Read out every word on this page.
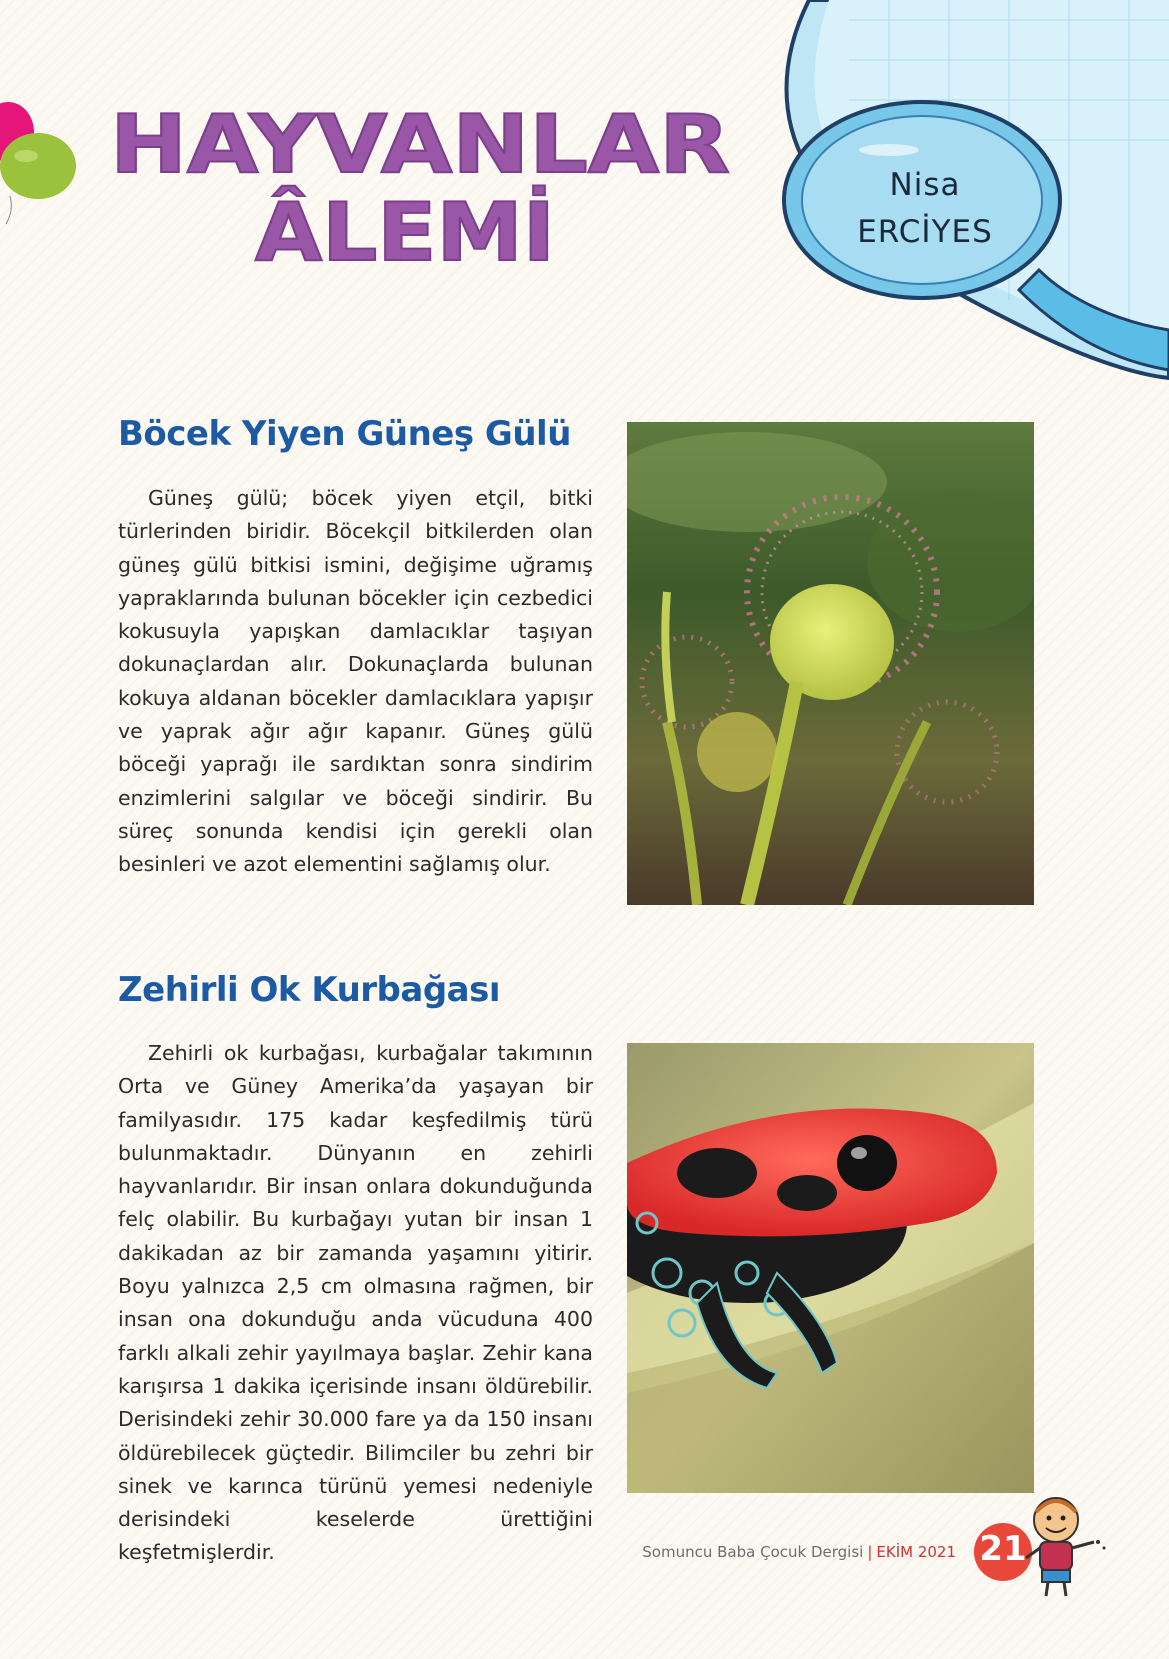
HAYVANLAR
ÂLEMİ
Nisa
ERCİYES
Böcek Yiyen Güneş Gülü

Güneş gülü; böcek yiyen etçil, bitki türlerinden biridir. Böcekçil bitkilerden olan güneş gülü bitkisi ismini, değişime uğramış yapraklarında bulunan böcekler için cezbedici kokusuyla yapışkan damlacıklar taşıyan dokunaçlardan alır. Dokunaçlarda bulunan kokuya aldanan böcekler damlacıklara yapışır ve yaprak ağır ağır kapanır. Güneş gülü böceği yaprağı ile sardıktan sonra sindirim enzimlerini salgılar ve böceği sindirir. Bu süreç sonunda kendisi için gerekli olan besinleri ve azot elementini sağlamış olur.

Zehirli Ok Kurbağası

Zehirli ok kurbağası, kurbağalar takımının Orta ve Güney Amerika’da yaşayan bir familyasıdır. 175 kadar keşfedilmiş türü bulunmaktadır. Dünyanın en zehirli hayvanlarıdır. Bir insan onlara dokunduğunda felç olabilir. Bu kurbağayı yutan bir insan 1 dakikadan az bir zamanda yaşamını yitirir. Boyu yalnızca 2,5 cm olmasına rağmen, bir insan ona dokunduğu anda vücuduna 400 farklı alkali zehir yayılmaya başlar. Zehir kana karışırsa 1 dakika içerisinde insanı öldürebilir. Derisindeki zehir 30.000 fare ya da 150 insanı öldürebilecek güçtedir. Bilimciler bu zehri bir sinek ve karınca türünü yemesi nedeniyle derisindeki keselerde ürettiğini keşfetmişlerdir.	Somuncu Baba Çocuk Dergisi | EKİM 2021 21
